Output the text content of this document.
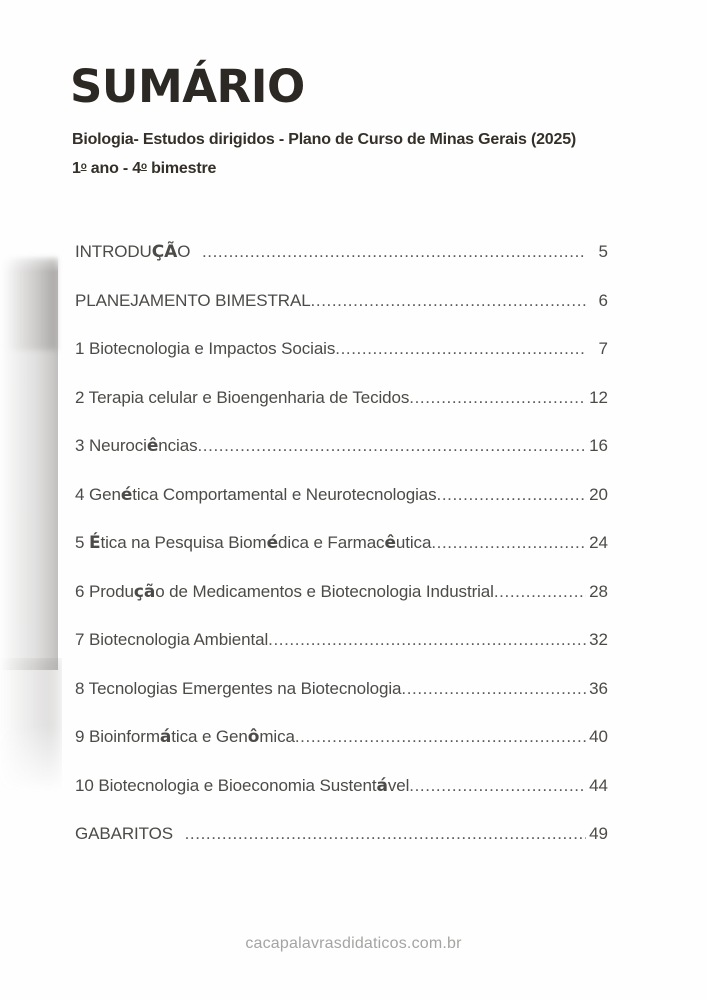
SUMÁRIO
Biologia- Estudos dirigidos - Plano de Curso de Minas Gerais (2025)
1$^o$ ano - 4$^o$ bimestre
INTRODUÇÃO .....	5
PLANEJAMENTO BIMESTRAL .....	6
1 Biotecnologia e Impactos Sociais .....	7
2 Terapia celular e Bioengenharia de Tecidos .....	12
3 Neurociências .....	16
4 Genética Comportamental e Neurotecnologias .....	20
5 Ética na Pesquisa Biomédica e Farmacêutica .....	24
6 Produção de Medicamentos e Biotecnologia Industrial .....	28
7 Biotecnologia Ambiental .....	32
8 Tecnologias Emergentes na Biotecnologia .....	36
9 Bioinformática e Genômica .....	40
10 Biotecnologia e Bioeconomia Sustentável .....	44
GABARITOS .....	49
cacapalavrasdidaticos.com.br
